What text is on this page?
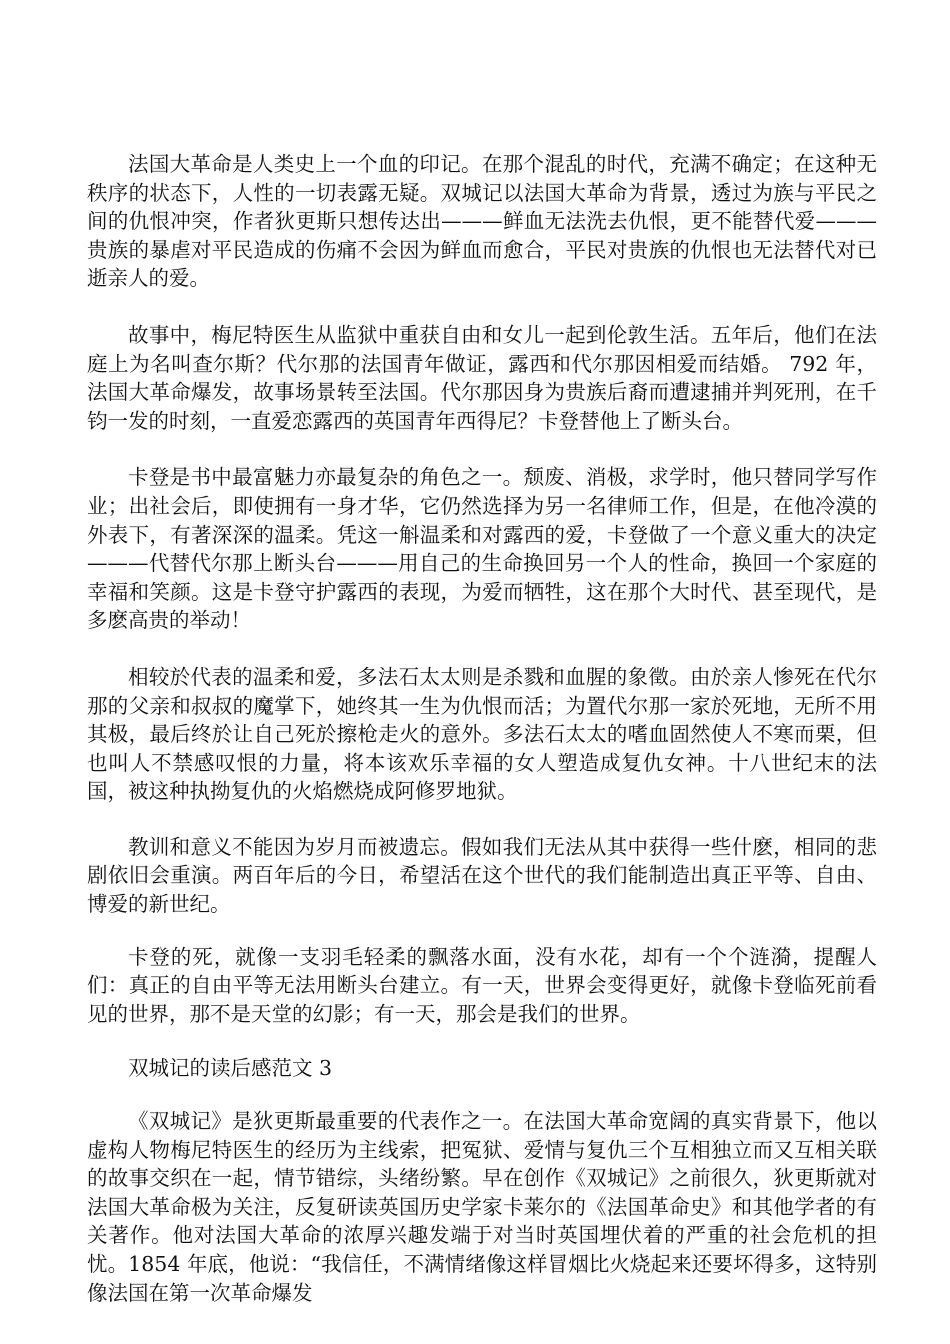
法国大革命是人类史上一个血的印记。在那个混乱的时代，充满不确定；在这种无秩序的状态下，人性的一切表露无疑。双城记以法国大革命为背景，透过为族与平民之间的仇恨冲突，作者狄更斯只想传达出———鲜血无法洗去仇恨，更不能替代爱———贵族的暴虐对平民造成的伤痛不会因为鲜血而愈合，平民对贵族的仇恨也无法替代对已逝亲人的爱。

故事中，梅尼特医生从监狱中重获自由和女儿一起到伦敦生活。五年后，他们在法庭上为名叫查尔斯？代尔那的法国青年做证，露西和代尔那因相爱而结婚。 792 年，法国大革命爆发，故事场景转至法国。代尔那因身为贵族后裔而遭逮捕并判死刑，在千钧一发的时刻，一直爱恋露西的英国青年西得尼？卡登替他上了断头台。

卡登是书中最富魅力亦最复杂的角色之一。颓废、消极，求学时，他只替同学写作业；出社会后，即使拥有一身才华，它仍然选择为另一名律师工作，但是，在他冷漠的外表下，有著深深的温柔。凭这一斛温柔和对露西的爱，卡登做了一个意义重大的决定———代替代尔那上断头台———用自己的生命换回另一个人的性命，换回一个家庭的幸福和笑颜。这是卡登守护露西的表现，为爱而牺牲，这在那个大时代、甚至现代，是多麽高贵的举动！

相较於代表的温柔和爱，多法石太太则是杀戮和血腥的象徵。由於亲人惨死在代尔那的父亲和叔叔的魔掌下，她终其一生为仇恨而活；为置代尔那一家於死地，无所不用其极，最后终於让自己死於擦枪走火的意外。多法石太太的嗜血固然使人不寒而栗，但也叫人不禁感叹恨的力量，将本该欢乐幸福的女人塑造成复仇女神。十八世纪末的法国，被这种执拗复仇的火焰燃烧成阿修罗地狱。

教训和意义不能因为岁月而被遗忘。假如我们无法从其中获得一些什麽，相同的悲剧依旧会重演。两百年后的今日，希望活在这个世代的我们能制造出真正平等、自由、博爱的新世纪。

卡登的死，就像一支羽毛轻柔的飘落水面，没有水花，却有一个个涟漪，提醒人们：真正的自由平等无法用断头台建立。有一天，世界会变得更好，就像卡登临死前看见的世界，那不是天堂的幻影；有一天，那会是我们的世界。

双城记的读后感范文 3

《双城记》是狄更斯最重要的代表作之一。在法国大革命宽阔的真实背景下，他以虚构人物梅尼特医生的经历为主线索，把冤狱、爱情与复仇三个互相独立而又互相关联的故事交织在一起，情节错综，头绪纷繁。早在创作《双城记》之前很久，狄更斯就对法国大革命极为关注，反复研读英国历史学家卡莱尔的《法国革命史》和其他学者的有关著作。他对法国大革命的浓厚兴趣发端于对当时英国埋伏着的严重的社会危机的担忧。1854 年底，他说：“我信任，不满情绪像这样冒烟比火烧起来还要坏得多，这特别像法国在第一次革命爆发
